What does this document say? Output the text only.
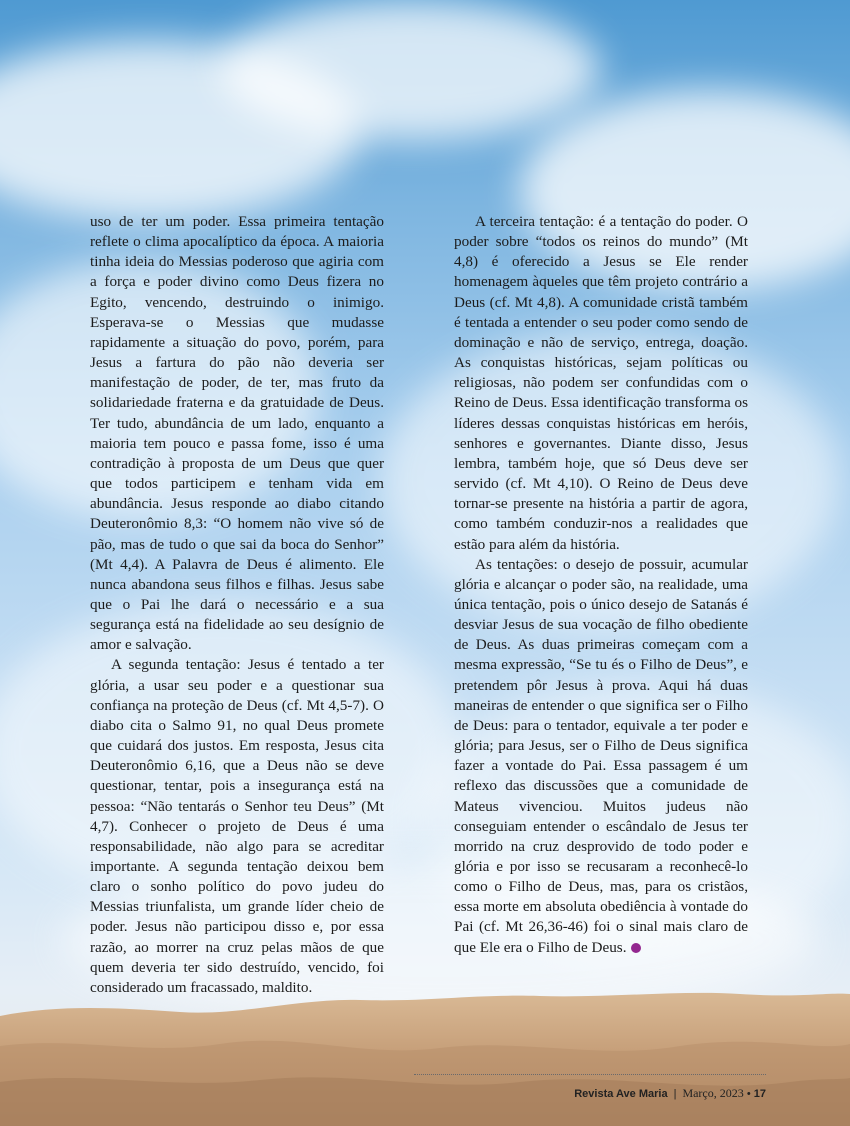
uso de ter um poder. Essa primeira tentação reflete o clima apocalíptico da época. A maioria tinha ideia do Messias poderoso que agiria com a força e poder divino como Deus fizera no Egito, vencendo, destruindo o inimigo. Esperava-se o Messias que mudasse rapidamente a situação do povo, porém, para Jesus a fartura do pão não deveria ser manifestação de poder, de ter, mas fruto da solidariedade fraterna e da gratuidade de Deus. Ter tudo, abundância de um lado, enquanto a maioria tem pouco e passa fome, isso é uma contradição à proposta de um Deus que quer que todos participem e tenham vida em abundância. Jesus responde ao diabo citando Deuteronômio 8,3: “O homem não vive só de pão, mas de tudo o que sai da boca do Senhor” (Mt 4,4). A Palavra de Deus é alimento. Ele nunca abandona seus filhos e filhas. Jesus sabe que o Pai lhe dará o necessário e a sua segurança está na fidelidade ao seu desígnio de amor e salvação.

A segunda tentação: Jesus é tentado a ter glória, a usar seu poder e a questionar sua confiança na proteção de Deus (cf. Mt 4,5-7). O diabo cita o Salmo 91, no qual Deus promete que cuidará dos justos. Em resposta, Jesus cita Deuteronômio 6,16, que a Deus não se deve questionar, tentar, pois a insegurança está na pessoa: “Não tentarás o Senhor teu Deus” (Mt 4,7). Conhecer o projeto de Deus é uma responsabilidade, não algo para se acreditar importante. A segunda tentação deixou bem claro o sonho político do povo judeu do Messias triunfalista, um grande líder cheio de poder. Jesus não participou disso e, por essa razão, ao morrer na cruz pelas mãos de que quem deveria ter sido destruído, vencido, foi considerado um fracassado, maldito.

A terceira tentação: é a tentação do poder. O poder sobre “todos os reinos do mundo” (Mt 4,8) é oferecido a Jesus se Ele render homenagem àqueles que têm projeto contrário a Deus (cf. Mt 4,8). A comunidade cristã também é tentada a entender o seu poder como sendo de dominação e não de serviço, entrega, doação. As conquistas históricas, sejam políticas ou religiosas, não podem ser confundidas com o Reino de Deus. Essa identificação transforma os líderes dessas conquistas históricas em heróis, senhores e governantes. Diante disso, Jesus lembra, também hoje, que só Deus deve ser servido (cf. Mt 4,10). O Reino de Deus deve tornar-se presente na história a partir de agora, como também conduzir-nos a realidades que estão para além da história.

As tentações: o desejo de possuir, acumular glória e alcançar o poder são, na realidade, uma única tentação, pois o único desejo de Satanás é desviar Jesus de sua vocação de filho obediente de Deus. As duas primeiras começam com a mesma expressão, “Se tu és o Filho de Deus”, e pretendem pôr Jesus à prova. Aqui há duas maneiras de entender o que significa ser o Filho de Deus: para o tentador, equivale a ter poder e glória; para Jesus, ser o Filho de Deus significa fazer a vontade do Pai. Essa passagem é um reflexo das discussões que a comunidade de Mateus vivenciou. Muitos judeus não conseguiam entender o escândalo de Jesus ter morrido na cruz desprovido de todo poder e glória e por isso se recusaram a reconhecê-lo como o Filho de Deus, mas, para os cristãos, essa morte em absoluta obediência à vontade do Pai (cf. Mt 26,36-46) foi o sinal mais claro de que Ele era o Filho de Deus.

Revista Ave Maria | Março, 2023 • 17
